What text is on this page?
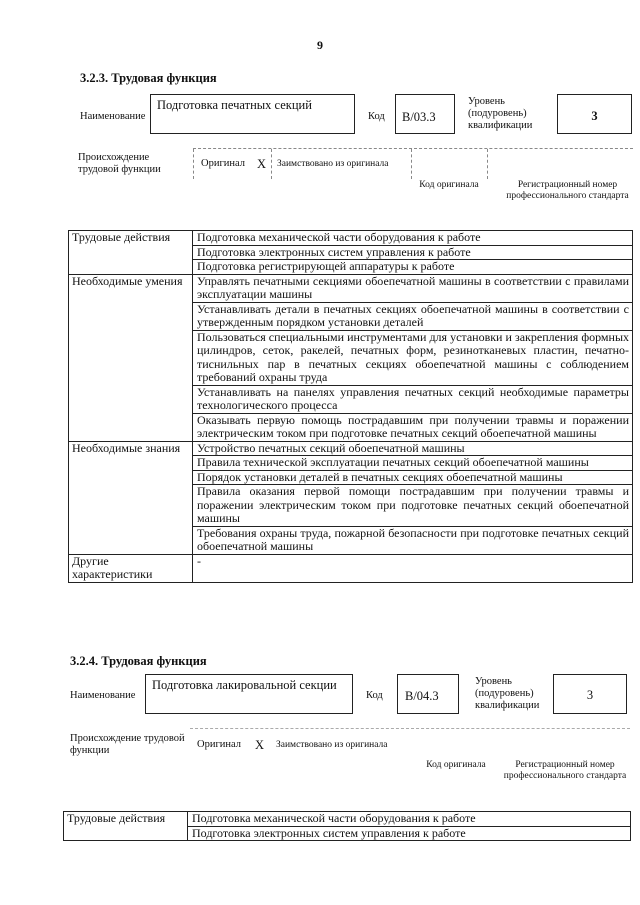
9
3.2.3. Трудовая функция
Наименование
Подготовка печатных секций
Код	В/03.3
Уровень (подуровень) квалификации
3
Происхождение трудовой функции
Оригинал X Заимствовано из оригинала
Код оригинала	Регистрационный номер профессионального стандарта
Трудовые действия	Подготовка механической части оборудования к работе
	Подготовка электронных систем управления к работе
	Подготовка регистрирующей аппаратуры к работе
Необходимые умения	Управлять печатными секциями обоепечатной машины в соответствии с правилами эксплуатации машины
	Устанавливать детали в печатных секциях обоепечатной машины в соответствии с утвержденным порядком установки деталей
	Пользоваться специальными инструментами для установки и закрепления формных цилиндров, сеток, ракелей, печатных форм, резинотканевых пластин, печатно-тиснильных пар в печатных секциях обоепечатной машины с соблюдением требований охраны труда
	Устанавливать на панелях управления печатных секций необходимые параметры технологического процесса
	Оказывать первую помощь пострадавшим при получении травмы и поражении электрическим током при подготовке печатных секций обоепечатной машины
Необходимые знания	Устройство печатных секций обоепечатной машины
	Правила технической эксплуатации печатных секций обоепечатной машины
	Порядок установки деталей в печатных секциях обоепечатной машины
	Правила оказания первой помощи пострадавшим при получении травмы и поражении электрическим током при подготовке печатных секций обоепечатной машины
	Требования охраны труда, пожарной безопасности при подготовке печатных секций обоепечатной машины
Другие характеристики	-
3.2.4. Трудовая функция
Наименование
Подготовка лакировальной секции
Код	В/04.3
Уровень (подуровень) квалификации
3
Происхождение трудовой функции
Оригинал X Заимствовано из оригинала
Код оригинала	Регистрационный номер профессионального стандарта
Трудовые действия	Подготовка механической части оборудования к работе
	Подготовка электронных систем управления к работе
